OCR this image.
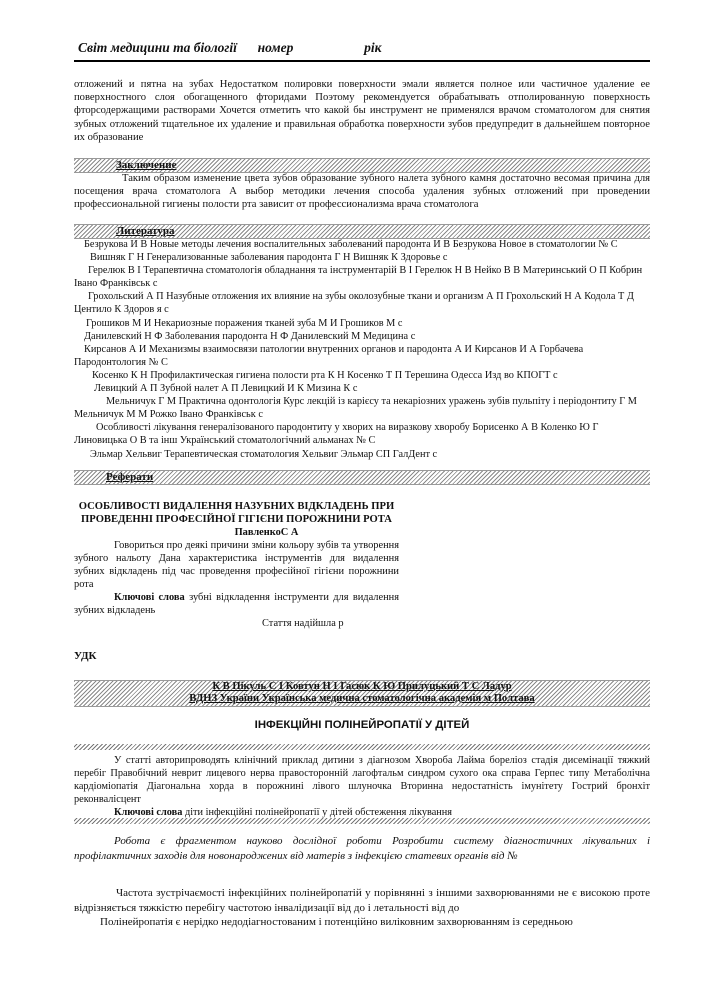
Світ медицини та біології номер	рік

отложений и пятна на зубах Недостатком полировки поверхности эмали является полное или частичное удаление ее поверхностного слоя обогащенного фторидами Поэтому рекомендуется обрабатывать отполированную поверхность фторсодержащими растворами Хочется отметить что какой бы инструмент не применялся врачом стоматологом для снятия зубных отложений тщательное их удаление и правильная обработка поверхности зубов предупредит в дальнейшем повторное их образование

Заключение

Таким образом изменение цвета зубов образование зубного налета зубного камня достаточно весомая причина для посещения врача стоматолога А выбор методики лечения способа удаления зубных отложений при проведении профессиональной гигиены полости рта зависит от профессионализма врача стоматолога

Литература
Безрукова И В Новые методы лечения воспалительных заболеваний пародонта И В Безрукова Новое в стоматологии № С
Вишняк Г Н Генерализованные заболевания пародонта Г Н Вишняк К Здоровье с
Герелюк В І Терапевтична стоматологія обладнання та інструментарій В І Герелюк Н В Нейко В В Материнський О П Кобрин Івано Франківськ с
Грохольский А П Назубные отложения их влияние на зубы околозубные ткани и организм А П Грохольский Н А Кодола Т Д Центило К Здоров я с
Грошиков М И Некариозные поражения тканей зуба М И Грошиков М с
Данилевский Н Ф Заболевания пародонта Н Ф Данилевский М Медицина с
Кирсанов А И Механизмы взаимосвязи патологии внутренних органов и пародонта А И Кирсанов И А Горбачева Пародонтология № С
Косенко К Н Профилактическая гигиена полости рта К Н Косенко Т П Терешина Одесса Изд во КПОГТ с
Левицкий А П Зубной налет А П Левицкий И К Мизина К с
Мельничук Г М Практична одонтологія Курс лекцій із карієсу та некаріозних уражень зубів пульпіту і періодонтиту Г М Мельничук М М Рожко Івано Франківськ с
Особливості лікування генералізованого пародонтиту у хворих на виразкову хворобу Борисенко А В Коленко Ю Г Линовицька О В та інш Український стоматологічний альманах № С
Эльмар Хельвиг Терапевтическая стоматология Хельвиг Эльмар СП ГалДент с
Реферати
ОСОБЛИВОСТІ ВИДАЛЕННЯ НАЗУБНИХ ВІДКЛАДЕНЬ ПРИ ПРОВЕДЕННІ ПРОФЕСІЙНОЇ ГІГІЄНИ ПОРОЖНИНИ РОТА
ПавленкоС А
Говориться про деякі причини зміни кольору зубів та утворення зубного нальоту Дана характеристика інструментів для видалення зубних відкладень під час проведення професійної гігієни порожнини рота
Ключові слова зубні відкладення інструменти для видалення зубних відкладень
Стаття надійшла р
УДК
К В Пікуль С І Ковтун Н І Гасюк К Ю Прилуцький Т С Ладур
ВДНЗ України Українська медична стоматологічна академія м Полтава
ІНФЕКЦІЙНІ ПОЛІНЕЙРОПАТІЇ У ДІТЕЙ

У статті авторипроводять клінічний приклад дитини з діагнозом Хвороба Лайма бореліоз стадія дисемінації тяжкий перебіг Правобічний неврит лицевого нерва правосторонній лагофтальм синдром сухого ока справа Герпес типу Метаболічна кардіоміопатія Діагональна хорда в порожнині лівого шлуночка Вторинна недостатність імунітету Гострий бронхіт реконвалісцент

Ключові слова діти інфекційні полінейропатії у дітей обстеження лікування

Робота є фрагментом науково дослідної роботи Розробити систему діагностичних лікувальних і профілактичних заходів для новонароджених від матерів з інфекцією статевих органів від №

Частота зустрічаємості інфекційних полінейропатій у порівнянні з іншими захворюваннями не є високою проте відрізняється тяжкістю перебігу частотою інвалідизації від до і летальності від до

Полінейропатія є нерідко недодіагностованим і потенційно виліковним захворюванням із середньою
